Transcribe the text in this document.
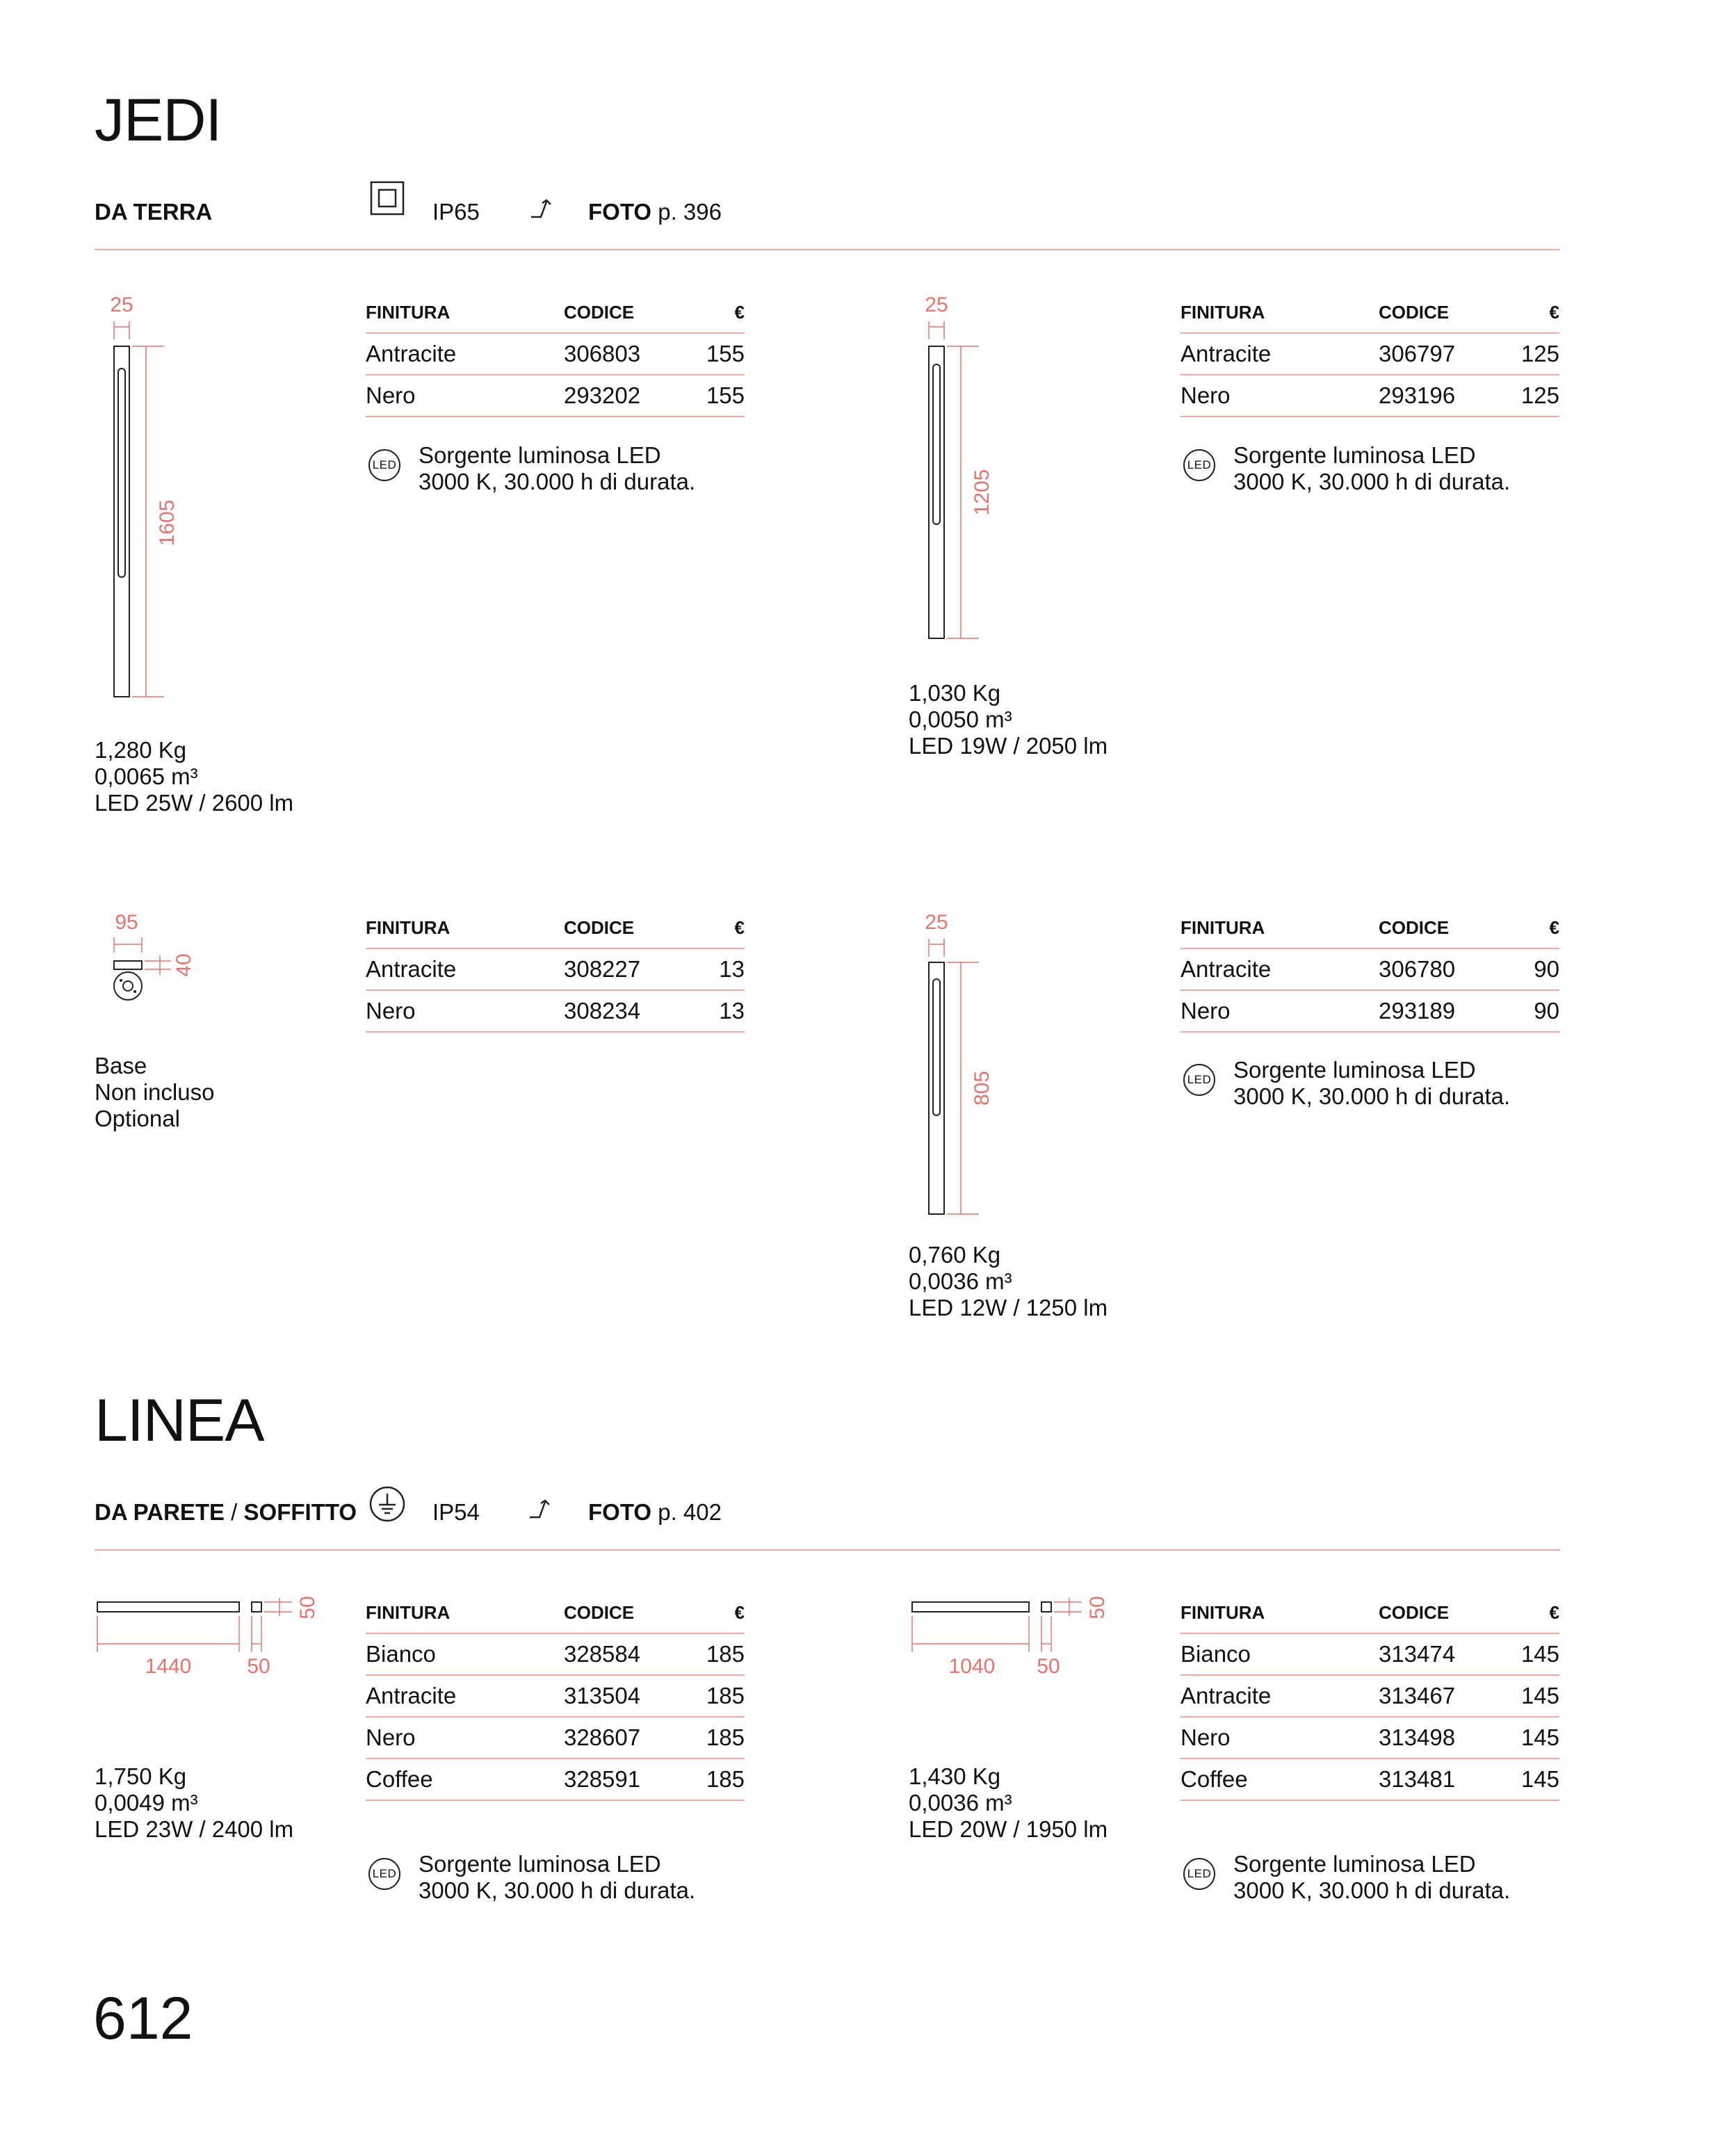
JEDI
DA TERRA	IP65	FOTO p. 396
25
1605
1,280 Kg
0,0065 m³
LED 25W / 2600 lm
FINITURA	CODICE	€
Antracite	306803	155
Nero	293202	155
LED Sorgente luminosa LED
3000 K, 30.000 h di durata.
25
1205
1,030 Kg
0,0050 m³
LED 19W / 2050 lm
FINITURA	CODICE	€
Antracite	306797	125
Nero	293196	125
LED Sorgente luminosa LED
3000 K, 30.000 h di durata.
95
40
Base
Non incluso
Optional
FINITURA	CODICE	€
Antracite	308227	13
Nero	308234	13
25
805
0,760 Kg
0,0036 m³
LED 12W / 1250 lm
FINITURA	CODICE	€
Antracite	306780	90
Nero	293189	90
LED Sorgente luminosa LED
3000 K, 30.000 h di durata.
LINEA
DA PARETE / SOFFITTO	IP54	FOTO p. 402
1440	50
50
1,750 Kg
0,0049 m³
LED 23W / 2400 lm
FINITURA	CODICE	€
Bianco	328584	185
Antracite	313504	185
Nero	328607	185
Coffee	328591	185
LED Sorgente luminosa LED
3000 K, 30.000 h di durata.
1040 50
50
1,430 Kg
0,0036 m³
LED 20W / 1950 lm
FINITURA	CODICE	€
Bianco	313474	145
Antracite	313467	145
Nero	313498	145
Coffee	313481	145
LED Sorgente luminosa LED
3000 K, 30.000 h di durata.
612
